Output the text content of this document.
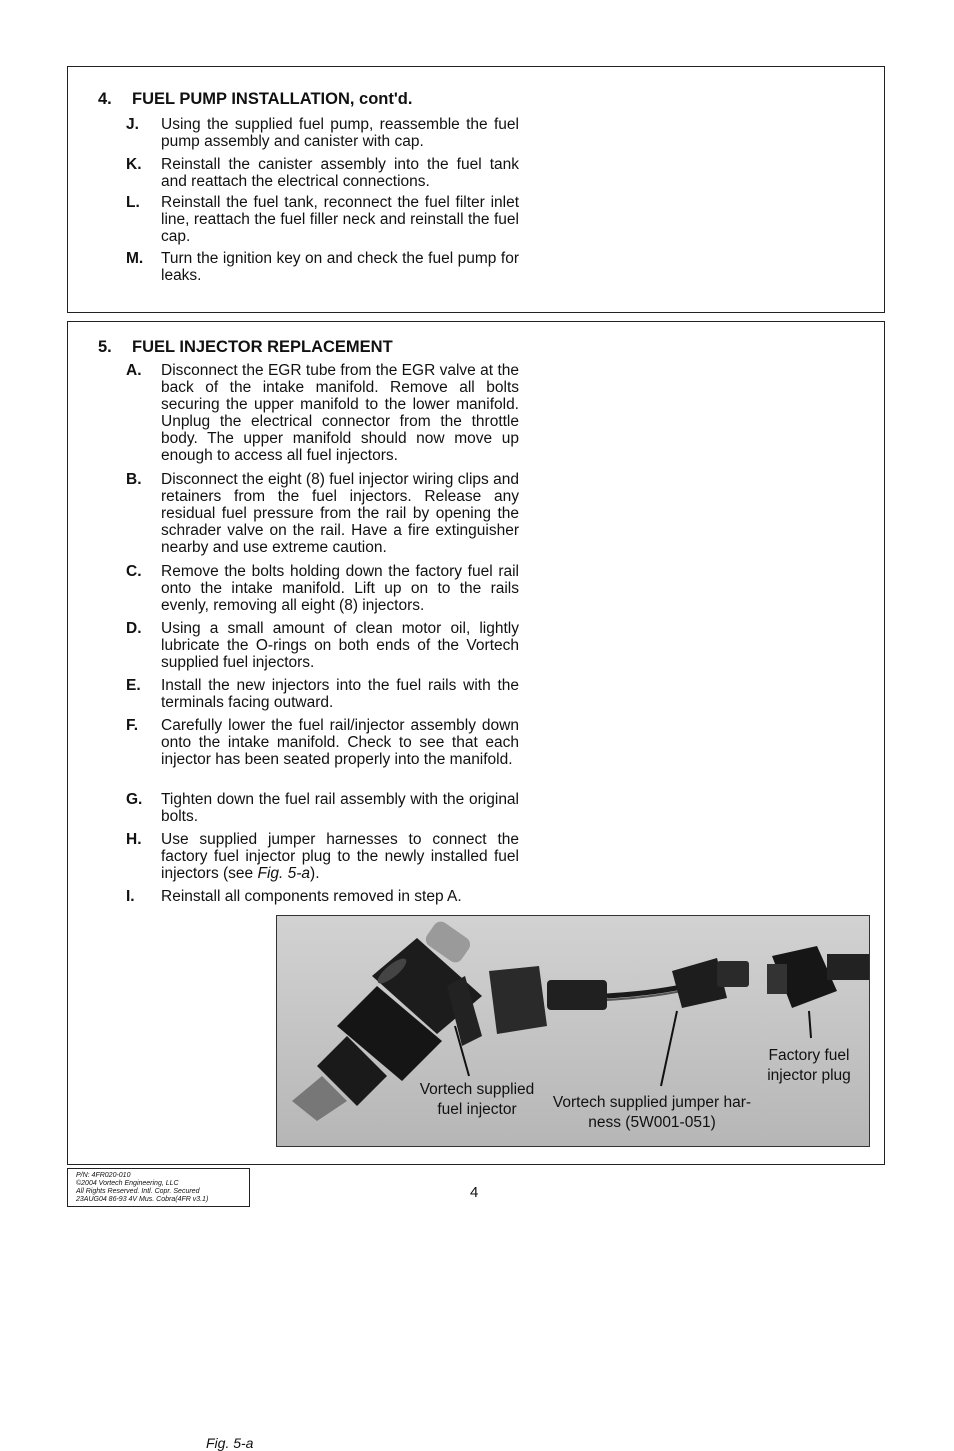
4. FUEL PUMP INSTALLATION, cont'd.
J.	Using the supplied fuel pump, reassemble the fuel pump assembly and canister with cap.
K.	Reinstall the canister assembly into the fuel tank and reattach the electrical connections.
L.	Reinstall the fuel tank, reconnect the fuel filter inlet line, reattach the fuel filler neck and reinstall the fuel cap.
M.	Turn the ignition key on and check the fuel pump for leaks.
5. FUEL INJECTOR REPLACEMENT
A.	Disconnect the EGR tube from the EGR valve at the back of the intake manifold. Remove all bolts securing the upper manifold to the lower manifold. Unplug the electrical connector from the throttle body. The upper manifold should now move up enough to access all fuel injectors.
B.	Disconnect the eight (8) fuel injector wiring clips and retainers from the fuel injectors. Release any residual fuel pressure from the rail by opening the schrader valve on the rail. Have a fire extinguisher nearby and use extreme caution.
C.	Remove the bolts holding down the factory fuel rail onto the intake manifold. Lift up on to the rails evenly, removing all eight (8) injectors.
D.	Using a small amount of clean motor oil, lightly lubricate the O-rings on both ends of the Vortech supplied fuel injectors.
E.	Install the new injectors into the fuel rails with the terminals facing outward.
F.	Carefully lower the fuel rail/injector assembly down onto the intake manifold. Check to see that each injector has been seated properly into the manifold.
G.	Tighten down the fuel rail assembly with the original bolts.
H.	Use supplied jumper harnesses to connect the factory fuel injector plug to the newly installed fuel injectors (see Fig. 5-a).
I.	Reinstall all components removed in step A.
Fig. 5-a
Vortech supplied
fuel injector	Vortech supplied jumper har-
ness (5W001-051)
Factory fuel
injector plug
P/N: 4FR020-010
©2004 Vortech Engineering, LLC
All Rights Reserved. Intl. Copr. Secured
23AUG04 86-93 4V Mus. Cobra(4FR v3.1)	4
